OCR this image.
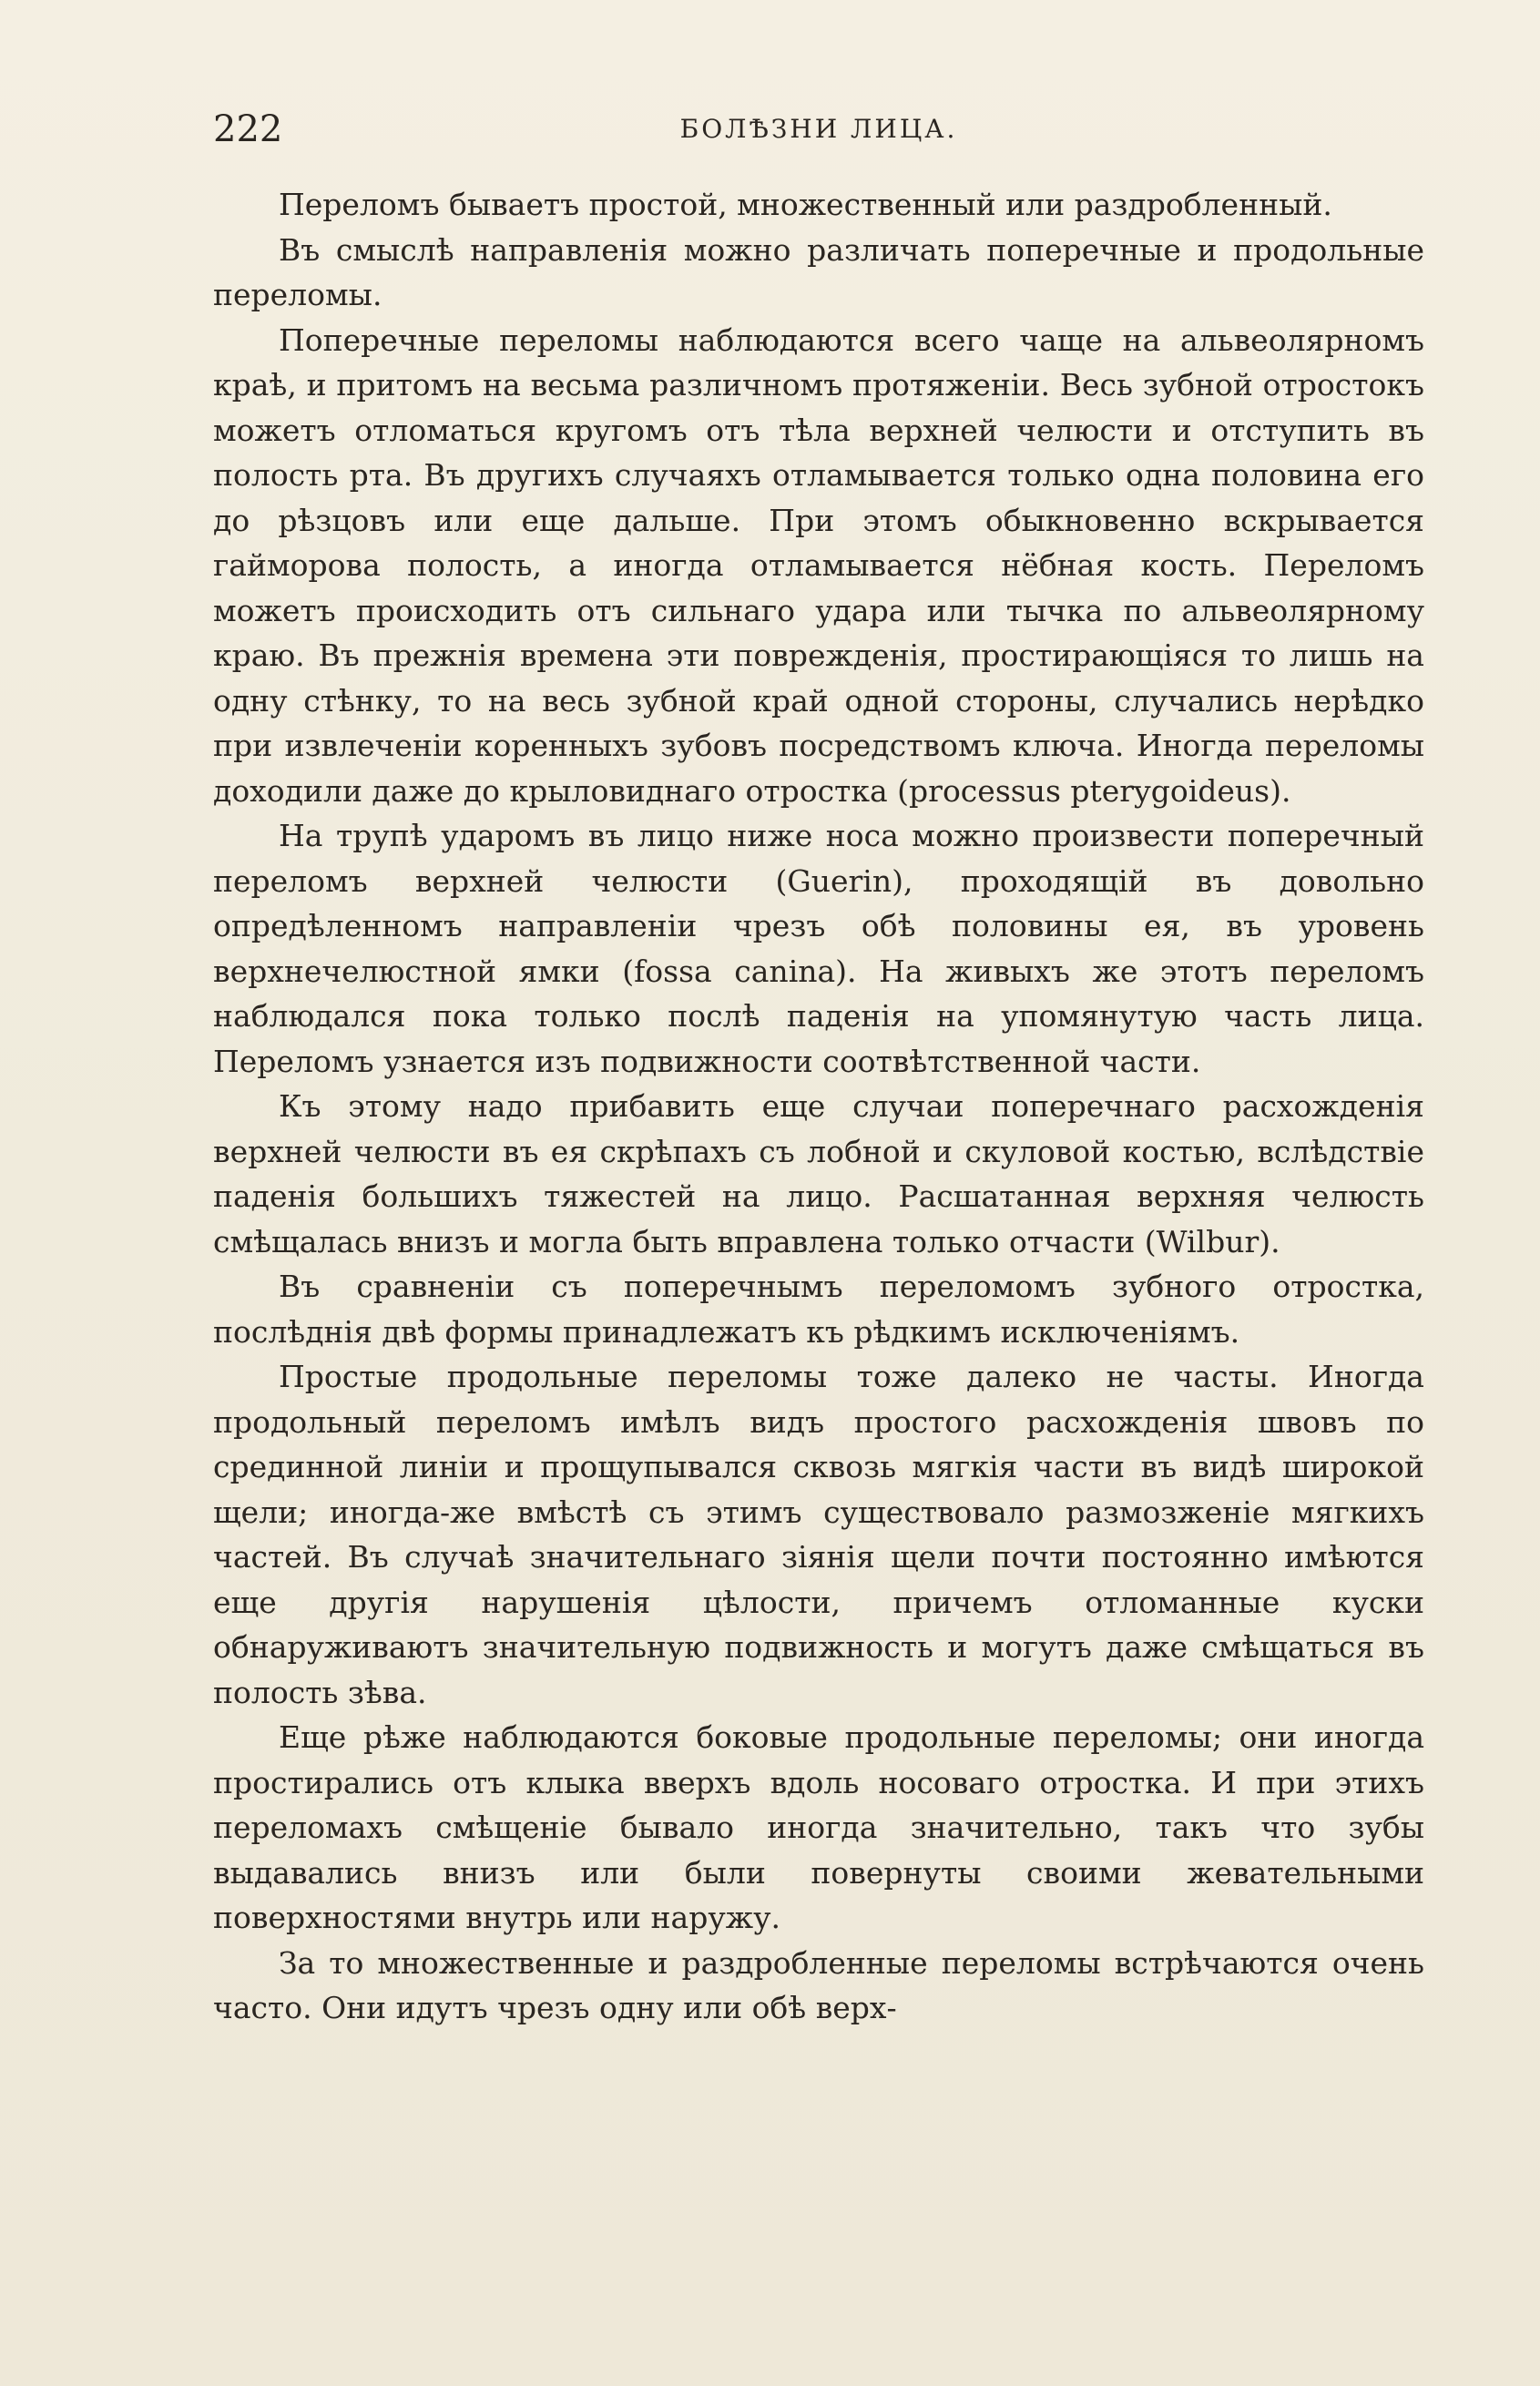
222	БОЛѢЗНИ ЛИЦА.

Переломъ бываетъ простой, множественный или раздробленный.

Въ смыслѣ направленія можно различать поперечные и продольные переломы.

Поперечные переломы наблюдаются всего чаще на альвеолярномъ краѣ, и притомъ на весьма различномъ протяженіи. Весь зубной отростокъ можетъ отломаться кругомъ отъ тѣла верхней челюсти и отступить въ полость рта. Въ другихъ случаяхъ отламывается только одна половина его до рѣзцовъ или еще дальше. При этомъ обыкновенно вскрывается гайморова полость, а иногда отламывается нёбная кость. Переломъ можетъ происходить отъ сильнаго удара или тычка по альвеолярному краю. Въ прежнія времена эти поврежденія, простирающіяся то лишь на одну стѣнку, то на весь зубной край одной стороны, случались нерѣдко при извлеченіи коренныхъ зубовъ посредствомъ ключа. Иногда переломы доходили даже до крыловиднаго отростка (processus pterygoideus).

На трупѣ ударомъ въ лицо ниже носа можно произвести поперечный переломъ верхней челюсти (Guerin), проходящій въ довольно опредѣленномъ направленіи чрезъ обѣ половины ея, въ уровень верхнечелюстной ямки (fossa canina). На живыхъ же этотъ переломъ наблюдался пока только послѣ паденія на упомянутую часть лица. Переломъ узнается изъ подвижности соотвѣтственной части.

Къ этому надо прибавить еще случаи поперечнаго расхожденія верхней челюсти въ ея скрѣпахъ съ лобной и скуловой костью, вслѣдствіе паденія большихъ тяжестей на лицо. Расшатанная верхняя челюсть смѣщалась внизъ и могла быть вправлена только отчасти (Wilbur).

Въ сравненіи съ поперечнымъ переломомъ зубного отростка, послѣднія двѣ формы принадлежатъ къ рѣдкимъ исключеніямъ.

Простые продольные переломы тоже далеко не часты. Иногда продольный переломъ имѣлъ видъ простого расхожденія швовъ по срединной линіи и прощупывался сквозь мягкія части въ видѣ широкой щели; иногда-же вмѣстѣ съ этимъ существовало размозженіе мягкихъ частей. Въ случаѣ значительнаго зіянія щели почти постоянно имѣются еще другія нарушенія цѣлости, причемъ отломанные куски обнаруживаютъ значительную подвижность и могутъ даже смѣщаться въ полость зѣва.

Еще рѣже наблюдаются боковые продольные переломы; они иногда простирались отъ клыка вверхъ вдоль носоваго отростка. И при этихъ переломахъ смѣщеніе бывало иногда значительно, такъ что зубы выдавались внизъ или были повернуты своими жевательными поверхностями внутрь или наружу.

За то множественные и раздробленные переломы встрѣчаются очень часто. Они идутъ чрезъ одну или обѣ верх-
